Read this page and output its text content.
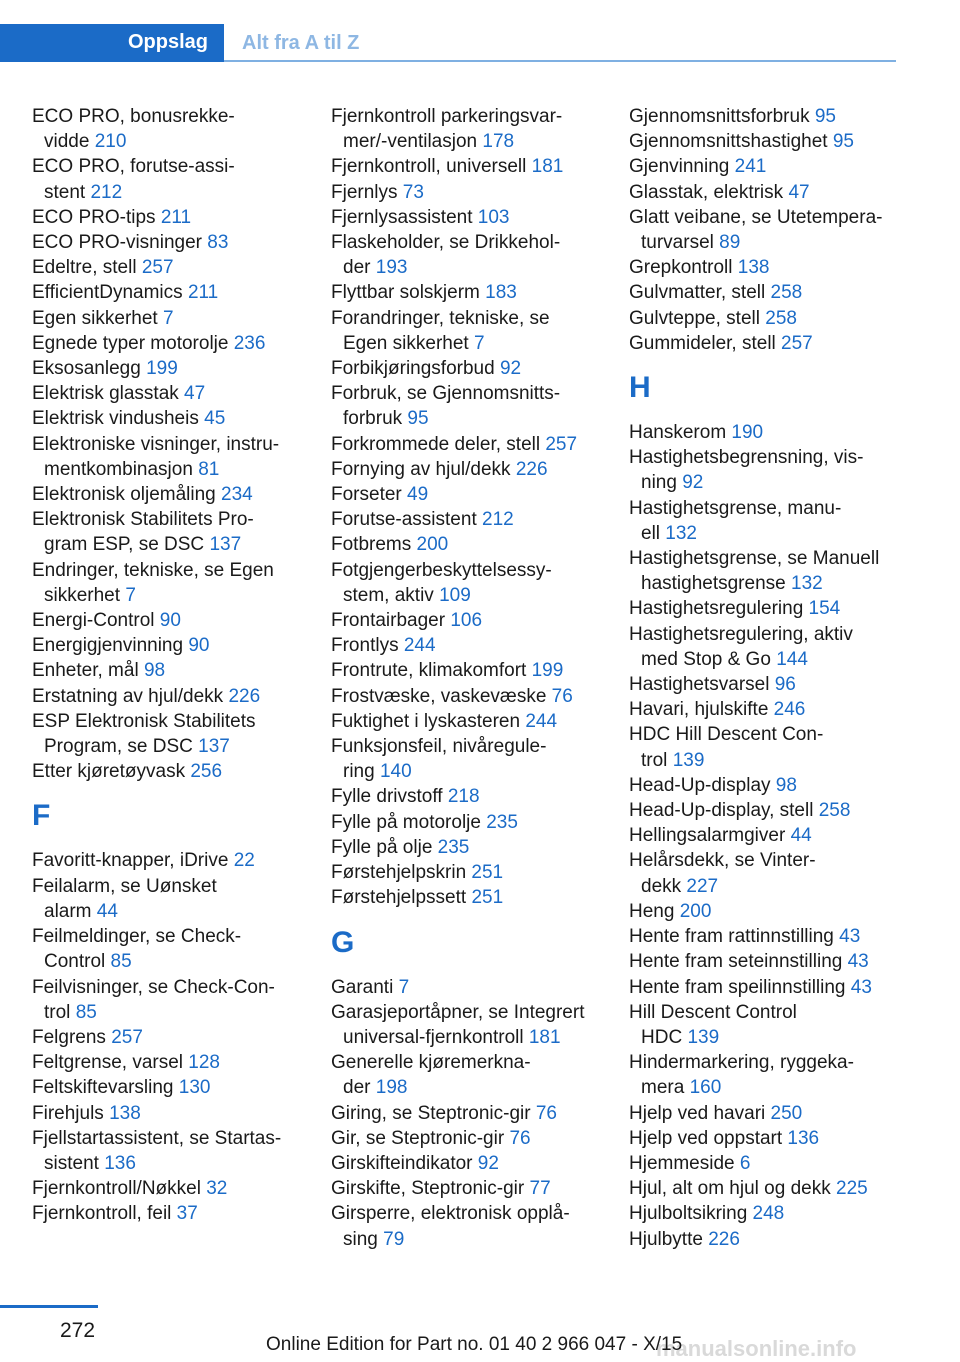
Oppslag Alt fra A til Z
ECO PRO, bonusrekke-
vidde 210
ECO PRO, forutse-assi-
stent 212
ECO PRO-tips 211
ECO PRO-visninger 83
Edeltre, stell 257
EfficientDynamics 211
Egen sikkerhet 7
Egnede typer motorolje 236
Eksosanlegg 199
Elektrisk glasstak 47
Elektrisk vindusheis 45
Elektroniske visninger, instru-
mentkombinasjon 81
Elektronisk oljemåling 234
Elektronisk Stabilitets Pro-
gram ESP, se DSC 137
Endringer, tekniske, se Egen
sikkerhet 7
Energi-Control 90
Energigjenvinning 90
Enheter, mål 98
Erstatning av hjul/dekk 226
ESP Elektronisk Stabilitets
Program, se DSC 137
Etter kjøretøyvask 256
F
Favoritt-knapper, iDrive 22
Feilalarm, se Uønsket
alarm 44
Feilmeldinger, se Check-
Control 85
Feilvisninger, se Check-Con-
trol 85
Felgrens 257
Feltgrense, varsel 128
Feltskiftevarsling 130
Firehjuls 138
Fjellstartassistent, se Startas-
sistent 136
Fjernkontroll/Nøkkel 32
Fjernkontroll, feil 37
Fjernkontroll parkeringsvar-
mer/-ventilasjon 178
Fjernkontroll, universell 181
Fjernlys 73
Fjernlysassistent 103
Flaskeholder, se Drikkehol-
der 193
Flyttbar solskjerm 183
Forandringer, tekniske, se
Egen sikkerhet 7
Forbikjøringsforbud 92
Forbruk, se Gjennomsnitts-
forbruk 95
Forkrommede deler, stell 257
Fornying av hjul/dekk 226
Forseter 49
Forutse-assistent 212
Fotbrems 200
Fotgjengerbeskyttelsessy-
stem, aktiv 109
Frontairbager 106
Frontlys 244
Frontrute, klimakomfort 199
Frostvæske, vaskevæske 76
Fuktighet i lyskasteren 244
Funksjonsfeil, nivåregule-
ring 140
Fylle drivstoff 218
Fylle på motorolje 235
Fylle på olje 235
Førstehjelpskrin 251
Førstehjelpssett 251
G
Garanti 7
Garasjeportåpner, se Integrert
universal-fjernkontroll 181
Generelle kjøremerkna-
der 198
Giring, se Steptronic-gir 76
Gir, se Steptronic-gir 76
Girskifteindikator 92
Girskifte, Steptronic-gir 77
Girsperre, elektronisk opplå-
sing 79
Gjennomsnittsforbruk 95
Gjennomsnittshastighet 95
Gjenvinning 241
Glasstak, elektrisk 47
Glatt veibane, se Utetempera-
turvarsel 89
Grepkontroll 138
Gulvmatter, stell 258
Gulvteppe, stell 258
Gummideler, stell 257
H
Hanskerom 190
Hastighetsbegrensning, vis-
ning 92
Hastighetsgrense, manu-
ell 132
Hastighetsgrense, se Manuell
hastighetsgrense 132
Hastighetsregulering 154
Hastighetsregulering, aktiv
med Stop & Go 144
Hastighetsvarsel 96
Havari, hjulskifte 246
HDC Hill Descent Con-
trol 139
Head-Up-display 98
Head-Up-display, stell 258
Hellingsalarmgiver 44
Helårsdekk, se Vinter-
dekk 227
Heng 200
Hente fram rattinnstilling 43
Hente fram seteinnstilling 43
Hente fram speilinnstilling 43
Hill Descent Control
HDC 139
Hindermarkering, ryggeka-
mera 160
Hjelp ved havari 250
Hjelp ved oppstart 136
Hjemmeside 6
Hjul, alt om hjul og dekk 225
Hjulboltsikring 248
Hjulbytte 226
272
manualsonline.info
Online Edition for Part no. 01 40 2 966 047 - X/15
